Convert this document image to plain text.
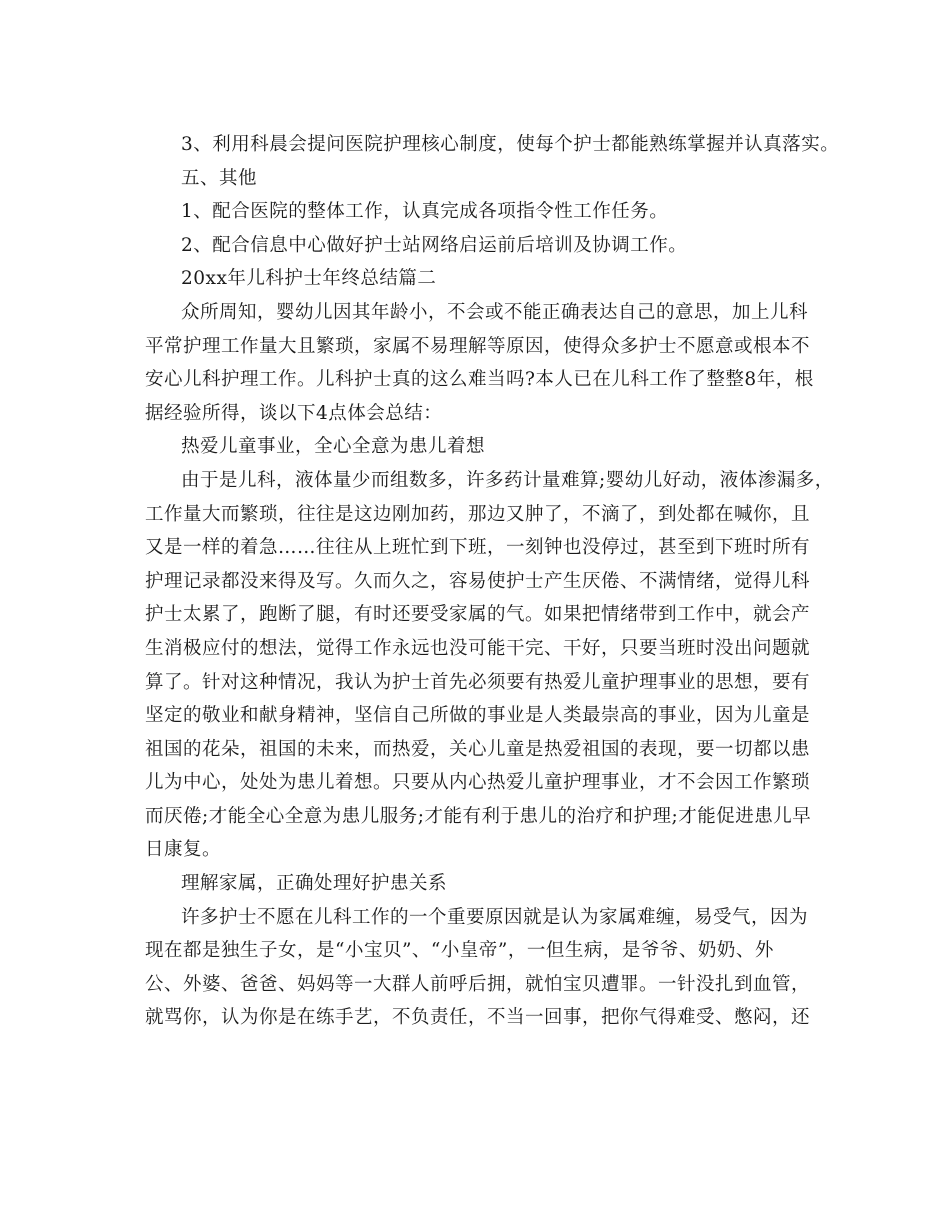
3、利用科晨会提问医院护理核心制度，使每个护士都能熟练掌握并认真落实。
五、其他
1、配合医院的整体工作，认真完成各项指令性工作任务。
2、配合信息中心做好护士站网络启运前后培训及协调工作。
20xx年儿科护士年终总结篇二
众所周知，婴幼儿因其年龄小，不会或不能正确表达自己的意思，加上儿科
平常护理工作量大且繁琐，家属不易理解等原因，使得众多护士不愿意或根本不
安心儿科护理工作。儿科护士真的这么难当吗?本人已在儿科工作了整整8年，根
据经验所得，谈以下4点体会总结：
热爱儿童事业，全心全意为患儿着想
由于是儿科，液体量少而组数多，许多药计量难算;婴幼儿好动，液体渗漏多，
工作量大而繁琐，往往是这边刚加药，那边又肿了，不滴了，到处都在喊你，且
又是一样的着急……往往从上班忙到下班，一刻钟也没停过，甚至到下班时所有
护理记录都没来得及写。久而久之，容易使护士产生厌倦、不满情绪，觉得儿科
护士太累了，跑断了腿，有时还要受家属的气。如果把情绪带到工作中，就会产
生消极应付的想法，觉得工作永远也没可能干完、干好，只要当班时没出问题就
算了。针对这种情况，我认为护士首先必须要有热爱儿童护理事业的思想，要有
坚定的敬业和献身精神，坚信自己所做的事业是人类最崇高的事业，因为儿童是
祖国的花朵，祖国的未来，而热爱，关心儿童是热爱祖国的表现，要一切都以患
儿为中心，处处为患儿着想。只要从内心热爱儿童护理事业，才不会因工作繁琐
而厌倦;才能全心全意为患儿服务;才能有利于患儿的治疗和护理;才能促进患儿早
日康复。
理解家属，正确处理好护患关系
许多护士不愿在儿科工作的一个重要原因就是认为家属难缠，易受气，因为
现在都是独生子女，是“小宝贝”、“小皇帝”，一但生病，是爷爷、奶奶、外
公、外婆、爸爸、妈妈等一大群人前呼后拥，就怕宝贝遭罪。一针没扎到血管，
就骂你，认为你是在练手艺，不负责任，不当一回事，把你气得难受、憋闷，还
